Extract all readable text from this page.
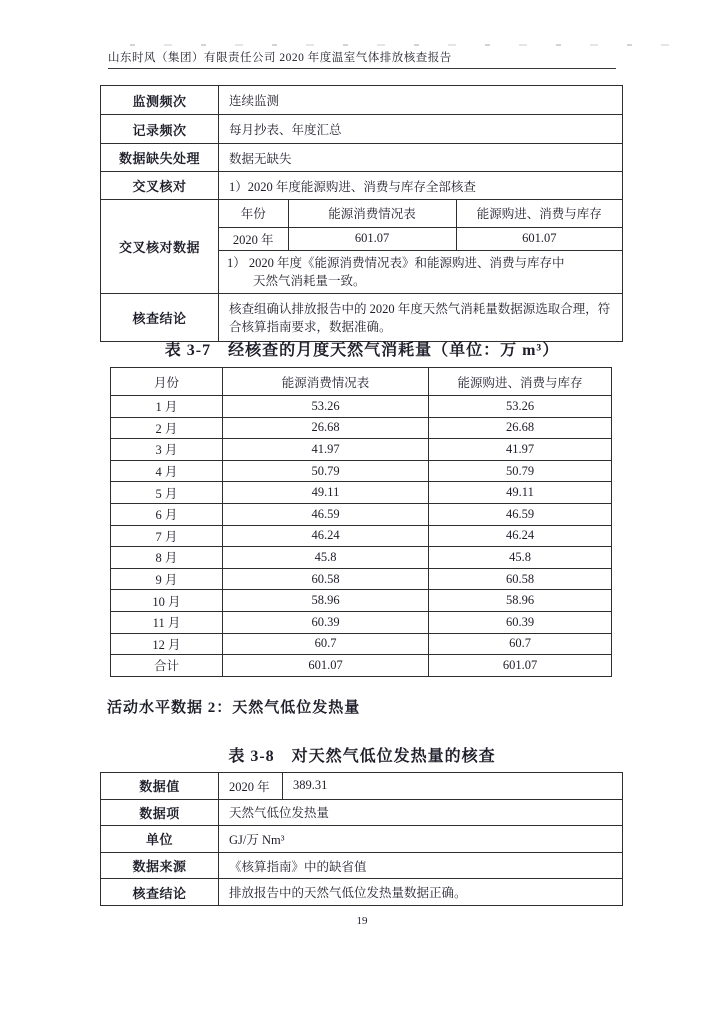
山东时风（集团）有限责任公司 2020 年度温室气体排放核查报告
监测频次	连续监测
记录频次	每月抄表、年度汇总
数据缺失处理	数据无缺失
交叉核对	1）2020 年度能源购进、消费与库存全部核查
交叉核对数据	
年份	能源消费情况表	能源购进、消费与库存
2020 年	601.07	601.07

1） 2020 年度《能源消费情况表》和能源购进、消费与库存中
天然气消耗量一致。

核查结论	核查组确认排放报告中的 2020 年度天然气消耗量数据源选取合理，符合核算指南要求，数据准确。
表 3-7　经核查的月度天然气消耗量（单位：万 m³）
月份	能源消费情况表	能源购进、消费与库存
1 月	53.26	53.26
2 月	26.68	26.68
3 月	41.97	41.97
4 月	50.79	50.79
5 月	49.11	49.11
6 月	46.59	46.59
7 月	46.24	46.24
8 月	45.8	45.8
9 月	60.58	60.58
10 月	58.96	58.96
11 月	60.39	60.39
12 月	60.7	60.7
合计	601.07	601.07
活动水平数据 2：天然气低位发热量
表 3-8　对天然气低位发热量的核查
数据值	2020 年	389.31
数据项	天然气低位发热量	
单位	GJ/万 Nm³	
数据来源	《核算指南》中的缺省值	
核查结论	排放报告中的天然气低位发热量数据正确。	
19
